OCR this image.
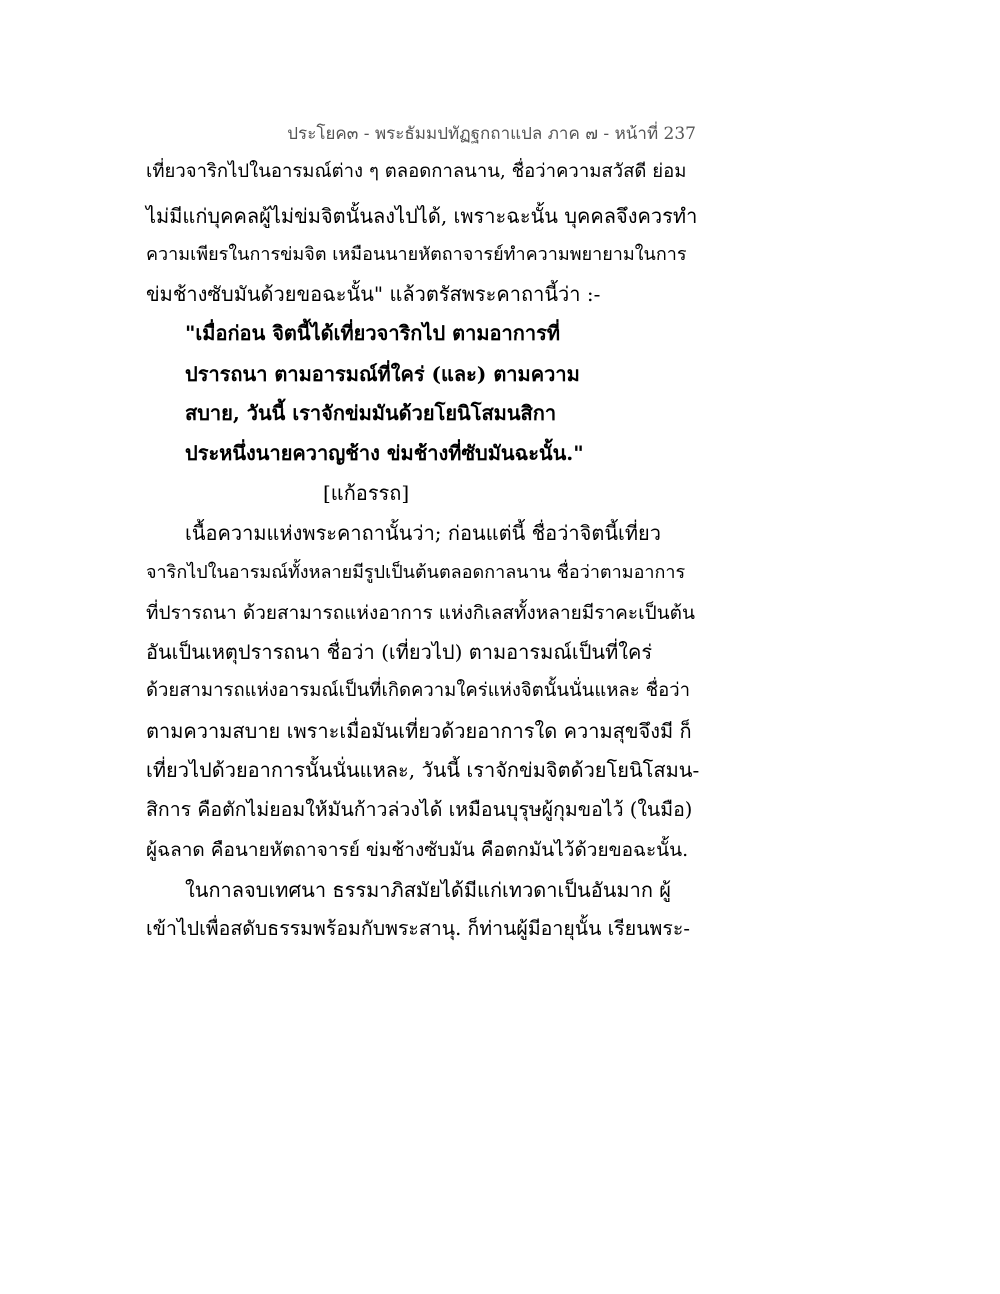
ประโยค๓ - พระธัมมปทัฏฐกถาแปล ภาค ๗ - หน้าที่ 237
เที่ยวจาริกไปในอารมณ์ต่าง ๆ ตลอดกาลนาน, ชื่อว่าความสวัสดี ย่อม
ไม่มีแก่บุคคลผู้ไม่ข่มจิตนั้นลงไปได้, เพราะฉะนั้น บุคคลจึงควรทำ
ความเพียรในการข่มจิต เหมือนนายหัตถาจารย์ทำความพยายามในการ
ข่มช้างซับมันด้วยขอฉะนั้น" แล้วตรัสพระคาถานี้ว่า :-
"เมื่อก่อน จิตนี้ได้เที่ยวจาริกไป ตามอาการที่
ปรารถนา ตามอารมณ์ที่ใคร่ (และ) ตามความ
สบาย, วันนี้ เราจักข่มมันด้วยโยนิโสมนสิกา
ประหนึ่งนายควาญช้าง ข่มช้างที่ซับมันฉะนั้น."
[แก้อรรถ]
เนื้อความแห่งพระคาถานั้นว่า; ก่อนแต่นี้ ชื่อว่าจิตนี้เที่ยว
จาริกไปในอารมณ์ทั้งหลายมีรูปเป็นต้นตลอดกาลนาน ชื่อว่าตามอาการ
ที่ปรารถนา ด้วยสามารถแห่งอาการ แห่งกิเลสทั้งหลายมีราคะเป็นต้น
อันเป็นเหตุปรารถนา ชื่อว่า (เที่ยวไป) ตามอารมณ์เป็นที่ใคร่
ด้วยสามารถแห่งอารมณ์เป็นที่เกิดความใคร่แห่งจิตนั้นนั่นแหละ ชื่อว่า
ตามความสบาย เพราะเมื่อมันเที่ยวด้วยอาการใด ความสุขจึงมี ก็
เที่ยวไปด้วยอาการนั้นนั่นแหละ, วันนี้ เราจักข่มจิตด้วยโยนิโสมน-
สิการ คือตักไม่ยอมให้มันก้าวล่วงได้ เหมือนบุรุษผู้กุมขอไว้ (ในมือ)
ผู้ฉลาด คือนายหัตถาจารย์ ข่มช้างซับมัน คือตกมันไว้ด้วยขอฉะนั้น.
ในกาลจบเทศนา ธรรมาภิสมัยได้มีแก่เทวดาเป็นอันมาก ผู้
เข้าไปเพื่อสดับธรรมพร้อมกับพระสานุ. ก็ท่านผู้มีอายุนั้น เรียนพระ-
